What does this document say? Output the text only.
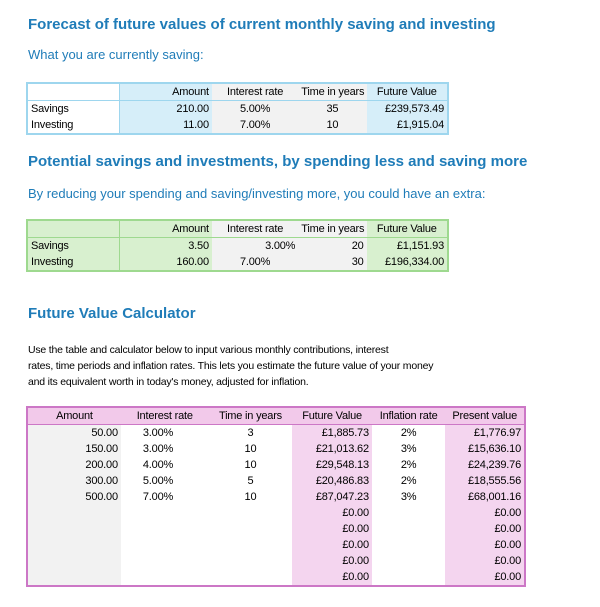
Forecast of future values of current monthly saving and investing

What you are currently saving:

	Amount	Interest rate	Time in years	Future Value
Savings	210.00	5.00%	35	£239,573.49
Investing	11.00	7.00%	10	£1,915.04
Potential savings and investments, by spending less and saving more

By reducing your spending and saving/investing more, you could have an extra:

	Amount	Interest rate	Time in years	Future Value
Savings	3.50	3.00%	20	£1,151.93
Investing	160.00	7.00%	30	£196,334.00
Future Value Calculator

Use the table and calculator below to input various monthly contributions, interest

rates, time periods and inflation rates. This lets you estimate the future value of your money

and its equivalent worth in today's money, adjusted for inflation.

Amount	Interest rate	Time in years	Future Value	Inflation rate	Present value
50.00	3.00%	3	£1,885.73	2%	£1,776.97
150.00	3.00%	10	£21,013.62	3%	£15,636.10
200.00	4.00%	10	£29,548.13	2%	£24,239.76
300.00	5.00%	5	£20,486.83	2%	£18,555.56
500.00	7.00%	10	£87,047.23	3%	£68,001.16
			£0.00		£0.00
			£0.00		£0.00
			£0.00		£0.00
			£0.00		£0.00
			£0.00		£0.00
